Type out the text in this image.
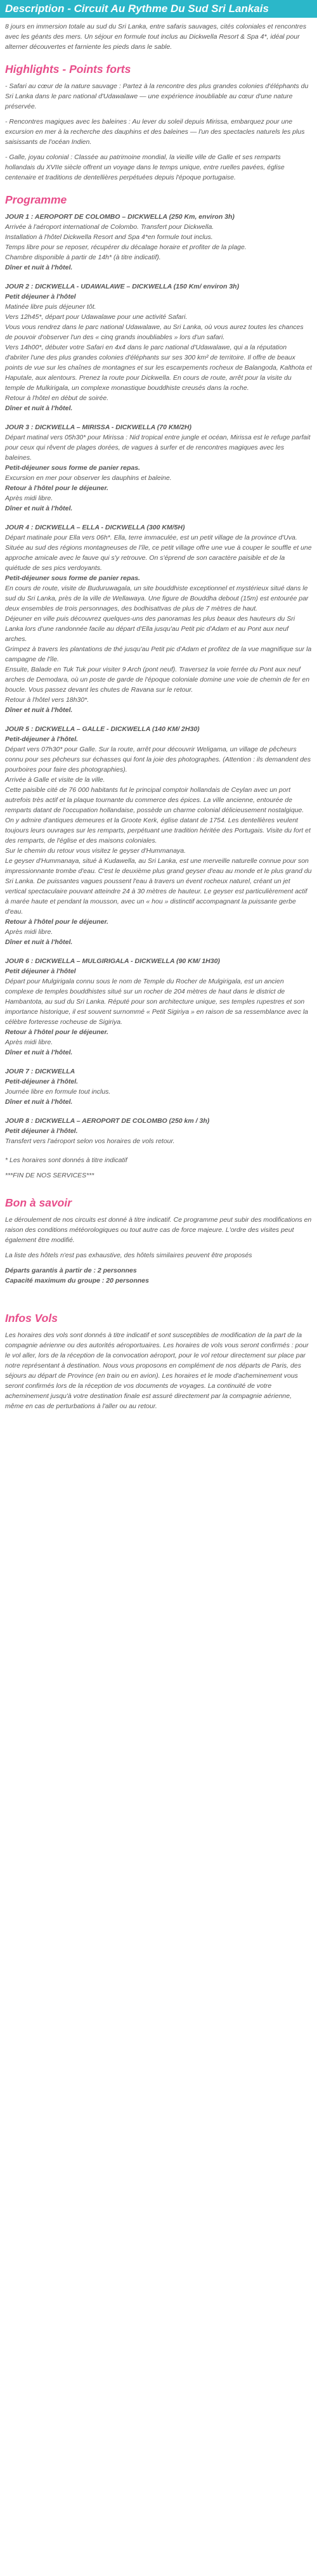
Description - Circuit Au Rythme Du Sud Sri Lankais

8 jours en immersion totale au sud du Sri Lanka, entre safaris sauvages, cités coloniales et rencontres avec les géants des mers. Un séjour en formule tout inclus au Dickwella Resort & Spa 4*, idéal pour alterner découvertes et farniente les pieds dans le sable.

Highlights - Points forts

- Safari au cœur de la nature sauvage : Partez à la rencontre des plus grandes colonies d'éléphants du Sri Lanka dans le parc national d'Udawalawe — une expérience inoubliable au cœur d'une nature préservée.

- Rencontres magiques avec les baleines : Au lever du soleil depuis Mirissa, embarquez pour une excursion en mer à la recherche des dauphins et des baleines — l'un des spectacles naturels les plus saisissants de l'océan Indien.

- Galle, joyau colonial : Classée au patrimoine mondial, la vieille ville de Galle et ses remparts hollandais du XVIIe siècle offrent un voyage dans le temps unique, entre ruelles pavées, église centenaire et traditions de dentellières perpétuées depuis l'époque portugaise.

Programme
JOUR 1 : AEROPORT DE COLOMBO – DICKWELLA (250 Km, environ 3h)
Arrivée à l'aéroport international de Colombo. Transfert pour Dickwella.
Installation à l'hôtel Dickwella Resort and Spa 4*en formule tout inclus.
Temps libre pour se reposer, récupérer du décalage horaire et profiter de la plage.
Chambre disponible à partir de 14h* (à titre indicatif).
Dîner et nuit à l'hôtel.
JOUR 2 : DICKWELLA - UDAWALAWE – DICKWELLA (150 Km/ environ 3h)
Petit déjeuner à l'hôtel
Matinée libre puis déjeuner tôt.
Vers 12h45*, départ pour Udawalawe pour une activité Safari.
Vous vous rendrez dans le parc national Udawalawe, au Sri Lanka, où vous aurez toutes les chances de pouvoir d'observer l'un des « cinq grands inoubliables » lors d'un safari.
Vers 14h00*, débuter votre Safari en 4x4 dans le parc national d'Udawalawe, qui a la réputation d'abriter l'une des plus grandes colonies d'éléphants sur ses 300 km² de territoire. Il offre de beaux points de vue sur les chaînes de montagnes et sur les escarpements rocheux de Balangoda, Kalthota et Haputale, aux alentours. Prenez la route pour Dickwella. En cours de route, arrêt pour la visite du temple de Mulkirigala, un complexe monastique bouddhiste creusés dans la roche.
Retour à l'hôtel en début de soirée.
Dîner et nuit à l'hôtel.
JOUR 3 : DICKWELLA – MIRISSA - DICKWELLA (70 KM/2H)
Départ matinal vers 05h30* pour Mirissa : Nid tropical entre jungle et océan, Mirissa est le refuge parfait pour ceux qui rêvent de plages dorées, de vagues à surfer et de rencontres magiques avec les baleines.
Petit-déjeuner sous forme de panier repas.
Excursion en mer pour observer les dauphins et baleine.
Retour à l'hôtel pour le déjeuner.
Après midi libre.
Dîner et nuit à l'hôtel.
JOUR 4 : DICKWELLA – ELLA - DICKWELLA (300 KM/5H)
Départ matinale pour Ella vers 06h*. Ella, terre immaculée, est un petit village de la province d'Uva. Située au sud des régions montagneuses de l'île, ce petit village offre une vue à couper le souffle et une approche amicale avec le fauve qui s'y retrouve. On s'éprend de son caractère paisible et de la quiétude de ses pics verdoyants.
Petit-déjeuner sous forme de panier repas.
En cours de route, visite de Buduruwagala, un site bouddhiste exceptionnel et mystérieux situé dans le sud du Sri Lanka, près de la ville de Wellawaya. Une figure de Bouddha debout (15m) est entourée par deux ensembles de trois personnages, des bodhisattvas de plus de 7 mètres de haut.
Déjeuner en ville puis découvrez quelques-uns des panoramas les plus beaux des hauteurs du Sri Lanka lors d'une randonnée facile au départ d'Ella jusqu'au Petit pic d'Adam et au Pont aux neuf arches.
Grimpez à travers les plantations de thé jusqu'au Petit pic d'Adam et profitez de la vue magnifique sur la campagne de l'île.
Ensuite, Balade en Tuk Tuk pour visiter 9 Arch (pont neuf). Traversez la voie ferrée du Pont aux neuf arches de Demodara, où un poste de garde de l'époque coloniale domine une voie de chemin de fer en boucle. Vous passez devant les chutes de Ravana sur le retour.
Retour à l'hôtel vers 18h30*.
Dîner et nuit à l'hôtel.
JOUR 5 : DICKWELLA – GALLE - DICKWELLA (140 KM/ 2H30)
Petit-déjeuner à l'hôtel.
Départ vers 07h30* pour Galle. Sur la route, arrêt pour découvrir Weligama, un village de pêcheurs connu pour ses pêcheurs sur échasses qui font la joie des photographes. (Attention : ils demandent des pourboires pour faire des photographies).
Arrivée à Galle et visite de la ville.
Cette paisible cité de 76 000 habitants fut le principal comptoir hollandais de Ceylan avec un port autrefois très actif et la plaque tournante du commerce des épices. La ville ancienne, entourée de remparts datant de l'occupation hollandaise, possède un charme colonial délicieusement nostalgique. On y admire d'antiques demeures et la Groote Kerk, église datant de 1754. Les dentellières veulent toujours leurs ouvrages sur les remparts, perpétuant une tradition héritée des Portugais. Visite du fort et des remparts, de l'église et des maisons coloniales.
Sur le chemin du retour vous visitez le geyser d'Hummanaya.
Le geyser d'Hummanaya, situé à Kudawella, au Sri Lanka, est une merveille naturelle connue pour son impressionnante trombe d'eau. C'est le deuxième plus grand geyser d'eau au monde et le plus grand du Sri Lanka. De puissantes vagues poussent l'eau à travers un évent rocheux naturel, créant un jet vertical spectaculaire pouvant atteindre 24 à 30 mètres de hauteur. Le geyser est particulièrement actif à marée haute et pendant la mousson, avec un « hou » distinctif accompagnant la puissante gerbe d'eau.
Retour à l'hôtel pour le déjeuner.
Après midi libre.
Dîner et nuit à l'hôtel.
JOUR 6 : DICKWELLA – MULGIRIGALA - DICKWELLA (90 KM/ 1H30)
Petit déjeuner à l'hôtel
Départ pour Mulgirigala connu sous le nom de Temple du Rocher de Mulgirigala, est un ancien complexe de temples bouddhistes situé sur un rocher de 204 mètres de haut dans le district de Hambantota, au sud du Sri Lanka. Réputé pour son architecture unique, ses temples rupestres et son importance historique, il est souvent surnommé « Petit Sigiriya » en raison de sa ressemblance avec la célèbre forteresse rocheuse de Sigiriya.
Retour à l'hôtel pour le déjeuner.
Après midi libre.
Dîner et nuit à l'hôtel.
JOUR 7 : DICKWELLA
Petit-déjeuner à l'hôtel.
Journée libre en formule tout inclus.
Dîner et nuit à l'hôtel.
JOUR 8 : DICKWELLA – AEROPORT DE COLOMBO (250 km / 3h)
Petit déjeuner à l'hôtel.
Transfert vers l'aéroport selon vos horaires de vols retour.

* Les horaires sont donnés à titre indicatif

***FIN DE NOS SERVICES***

Bon à savoir

Le déroulement de nos circuits est donné à titre indicatif. Ce programme peut subir des modifications en raison des conditions météorologiques ou tout autre cas de force majeure. L'ordre des visites peut également être modifié.

La liste des hôtels n'est pas exhaustive, des hôtels similaires peuvent être proposés

Départs garantis à partir de : 2 personnes

Capacité maximum du groupe : 20 personnes

Infos Vols

Les horaires des vols sont donnés à titre indicatif et sont susceptibles de modification de la part de la compagnie aérienne ou des autorités aéroportuaires. Les horaires de vols vous seront confirmés : pour le vol aller, lors de la réception de la convocation aéroport, pour le vol retour directement sur place par notre représentant à destination. Nous vous proposons en complément de nos départs de Paris, des séjours au départ de Province (en train ou en avion). Les horaires et le mode d'acheminement vous seront confirmés lors de la réception de vos documents de voyages. La continuité de votre acheminement jusqu'à votre destination finale est assuré directement par la compagnie aérienne, même en cas de perturbations à l'aller ou au retour.
